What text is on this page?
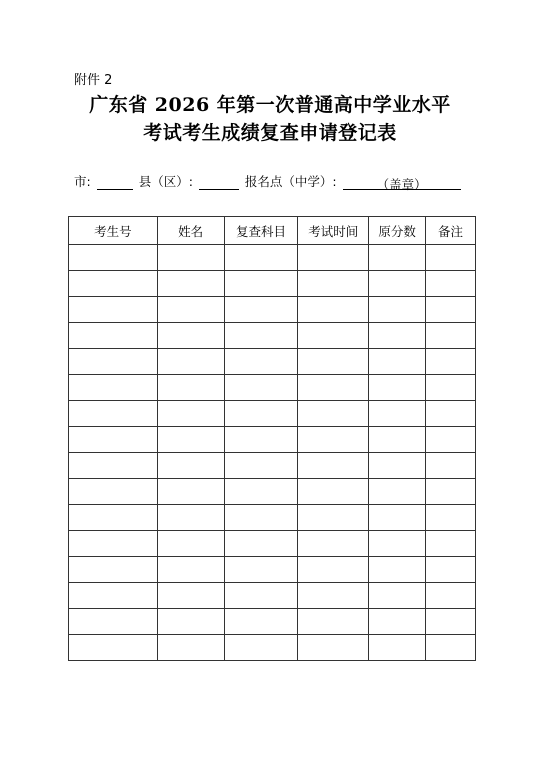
附件 2
广东省 2026 年第一次普通高中学业水平
考试考生成绩复查申请登记表
市:	县（区）:	报名点（中学）:	（盖章）
考生号	姓名	复查科目	考试时间	原分数	备注
